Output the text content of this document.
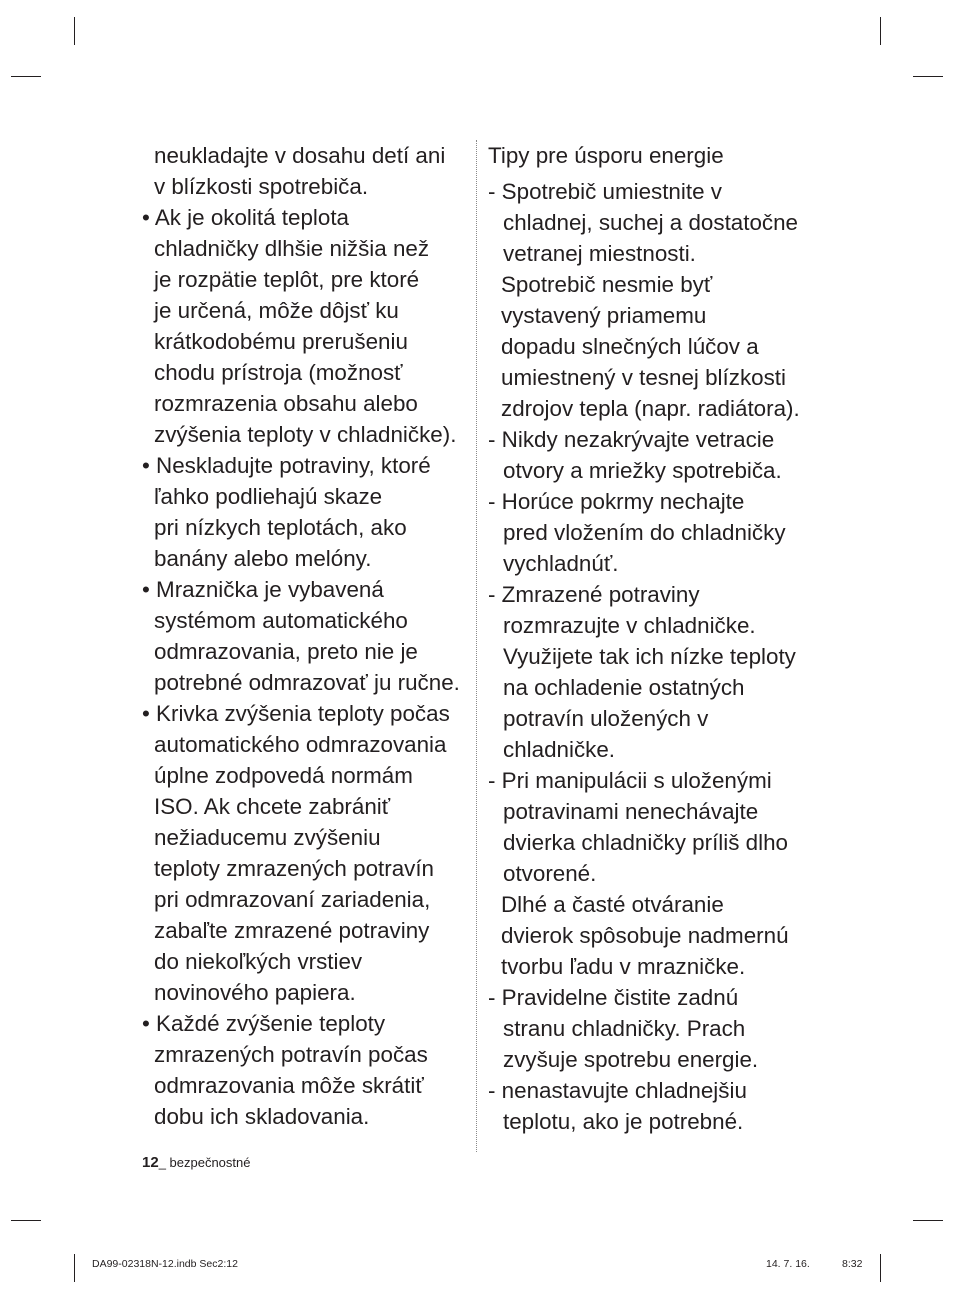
neukladajte v dosahu detí ani
v blízkosti spotrebiča.
• Ak je okolitá teplota
chladničky dlhšie nižšia než
je rozpätie teplôt, pre ktoré
je určená, môže dôjsť ku
krátkodobému prerušeniu
chodu prístroja (možnosť
rozmrazenia obsahu alebo
zvýšenia teploty v chladničke).
• Neskladujte potraviny, ktoré
ľahko podliehajú skaze
pri nízkych teplotách, ako
banány alebo melóny.
• Mraznička je vybavená
systémom automatického
odmrazovania, preto nie je
potrebné odmrazovať ju ručne.
• Krivka zvýšenia teploty počas
automatického odmrazovania
úplne zodpovedá normám
ISO. Ak chcete zabrániť
nežiaducemu zvýšeniu
teploty zmrazených potravín
pri odmrazovaní zariadenia,
zabaľte zmrazené potraviny
do niekoľkých vrstiev
novinového papiera.
• Každé zvýšenie teploty
zmrazených potravín počas
odmrazovania môže skrátiť
dobu ich skladovania.
Tipy pre úsporu energie
- Spotrebič umiestnite v
chladnej, suchej a dostatočne
vetranej miestnosti.
Spotrebič nesmie byť
vystavený priamemu
dopadu slnečných lúčov a
umiestnený v tesnej blízkosti
zdrojov tepla (napr. radiátora).
- Nikdy nezakrývajte vetracie
otvory a mriežky spotrebiča.
- Horúce pokrmy nechajte
pred vložením do chladničky
vychladnúť.
- Zmrazené potraviny
rozmrazujte v chladničke.
Využijete tak ich nízke teploty
na ochladenie ostatných
potravín uložených v
chladničke.
- Pri manipulácii s uloženými
potravinami nenechávajte
dvierka chladničky príliš dlho
otvorené.
Dlhé a časté otváranie
dvierok spôsobuje nadmernú
tvorbu ľadu v mrazničke.
- Pravidelne čistite zadnú
stranu chladničky. Prach
zvyšuje spotrebu energie.
- nenastavujte chladnejšiu
teplotu, ako je potrebné.
12_ bezpečnostné
DA99-02318N-12.indb Sec2:12	14. 7. 16.	8:32
